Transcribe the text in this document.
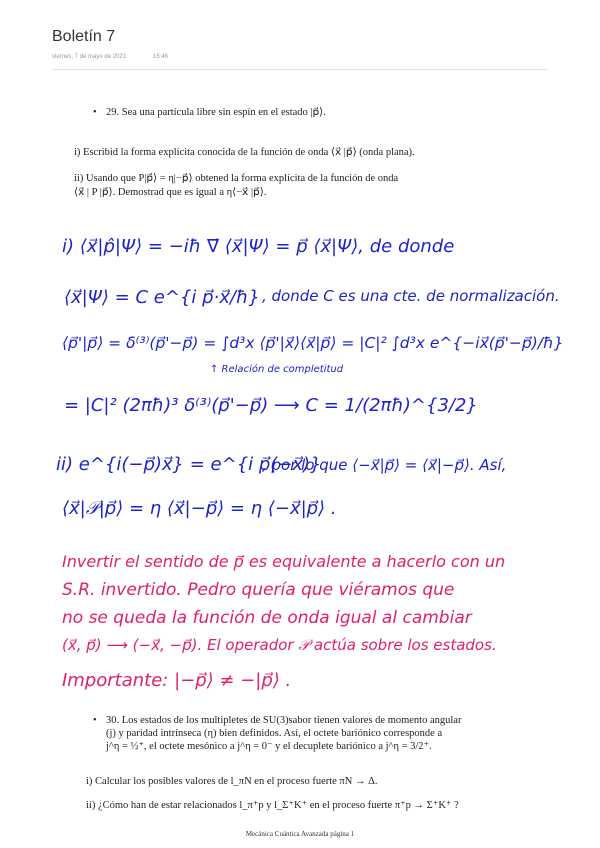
Boletín 7
viernes, 7 de mayo de 2021	15:46
• 29. Sea una partícula libre sin espín en el estado |p⃗⟩.
i) Escribid la forma explícita conocida de la función de onda ⟨x⃗ |p⃗⟩ (onda plana).
ii) Usando que P|p⃗⟩ = η|−p⃗⟩ obtened la forma explícita de la función de onda
⟨x⃗ | P |p⃗⟩. Demostrad que es igual a η⟨−x⃗ |p⃗⟩.
i) ⟨x⃗|p̂|Ψ⟩ = −iħ ∇⃗ ⟨x⃗|Ψ⟩ = p⃗ ⟨x⃗|Ψ⟩, de donde
⟨x⃗|Ψ⟩ = C e^{i p⃗·x⃗/ħ} , donde C es una cte. de normalización.
⟨p⃗'|p⃗⟩ = δ⁽³⁾(p⃗'−p⃗) = ∫d³x ⟨p⃗'|x⃗⟩⟨x⃗|p⃗⟩ = |C|² ∫d³x e^{−ix⃗(p⃗'−p⃗)/ħ}
↑ Relación de completitud
= |C|² (2πħ)³ δ⁽³⁾(p⃗'−p⃗) ⟶ C = 1/(2πħ)^{3/2}
ii) e^{i(−p⃗)x⃗} = e^{i p⃗(−x⃗)}
, por lo que ⟨−x⃗|p⃗⟩ = ⟨x⃗|−p⃗⟩. Así,
⟨x⃗|𝒫|p⃗⟩ = η ⟨x⃗|−p⃗⟩ = η ⟨−x⃗|p⃗⟩ .
Invertir el sentido de p⃗ es equivalente a hacerlo con un
S.R. invertido. Pedro quería que viéramos que
no se queda la función de onda igual al cambiar
(x⃗, p⃗) ⟶ (−x⃗, −p⃗). El operador 𝒫 actúa sobre los estados.
Importante: |−p⃗⟩ ≠ −|p⃗⟩ .
• 30. Los estados de los multipletes de SU(3)sabor tienen valores de momento angular
(j) y paridad intrínseca (η) bien definidos. Así, el octete bariónico corresponde a
j^η = ½⁺, el octete mesónico a j^η = 0⁻ y el decuplete bariónico a j^η = 3/2⁺.
i) Calcular los posibles valores de l_πN en el proceso fuerte πN → Δ.
ii) ¿Cómo han de estar relacionados l_π⁺p y l_Σ⁺K⁺ en el proceso fuerte π⁺p → Σ⁺K⁺ ?
Mecánica Cuántica Avanzada página 1
